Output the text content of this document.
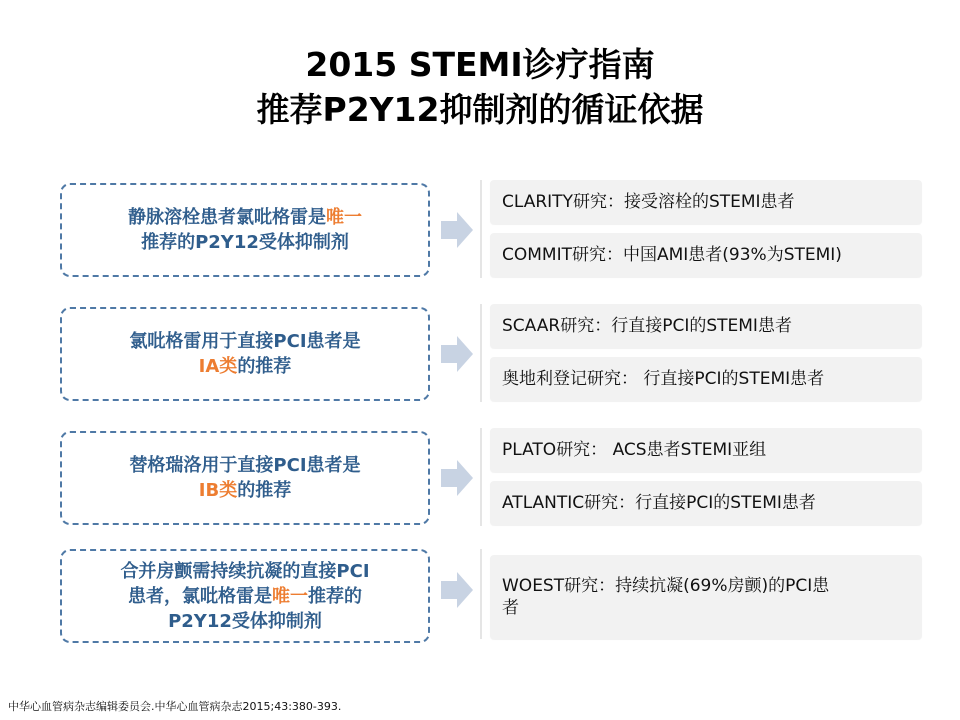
2015 STEMI诊疗指南
推荐P2Y12抑制剂的循证依据
静脉溶栓患者氯吡格雷是唯一
推荐的P2Y12受体抑制剂
CLARITY研究：接受溶栓的STEMI患者
COMMIT研究：中国AMI患者(93%为STEMI)
氯吡格雷用于直接PCI患者是
IA类的推荐
SCAAR研究：行直接PCI的STEMI患者
奥地利登记研究： 行直接PCI的STEMI患者
替格瑞洛用于直接PCI患者是
IB类的推荐
PLATO研究： ACS患者STEMI亚组
ATLANTIC研究：行直接PCI的STEMI患者
合并房颤需持续抗凝的直接PCI
患者，氯吡格雷是唯一推荐的
P2Y12受体抑制剂
WOEST研究：持续抗凝(69%房颤)的PCI患者
中华心血管病杂志编辑委员会.中华心血管病杂志2015;43:380-393.
